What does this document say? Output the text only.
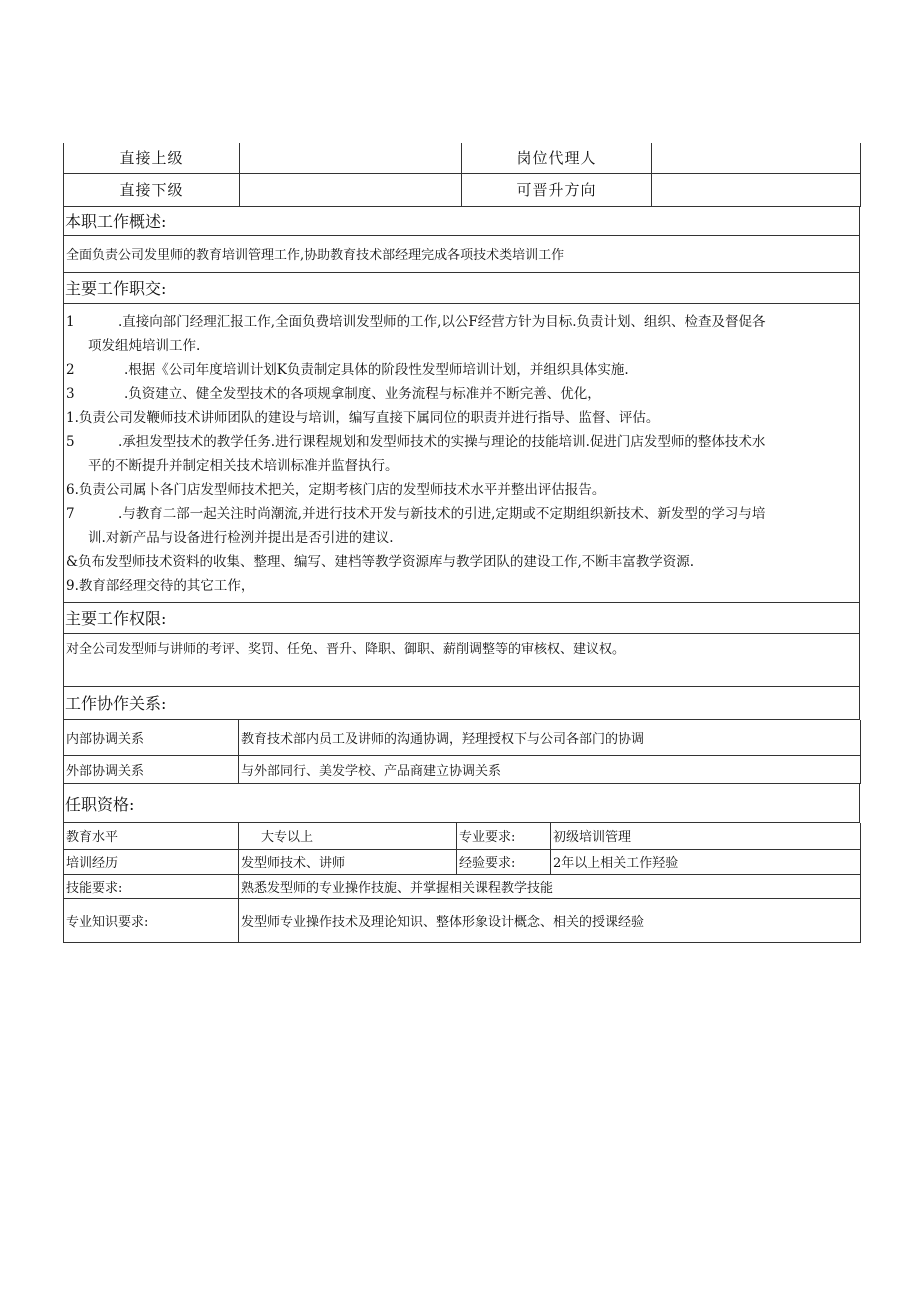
直接上级		岗位代理人	
直接下级		可晋升方向	
本职工作概述:
全面负责公司发里师的教育培训管理工作,协助教育技术部经理完成各项技术类培训工作
主要工作职交:

1	.直接向部门经理汇报工作,全面负费培训发型师的工作,以公F经营方针为目标.负责计划、组织、检查及督促各
项发组炖培训工作.
2	.根据《公司年度培训计划K负责制定具体的阶段性发型师培训计划，并组织具体实施.
3	.负资建立、健全发型技术的各项规拿制度、业务流程与标准并不断完善、优化，
1.负责公司发鞭师技术讲师团队的建设与培训，编写直接下属同位的职责并进行指导、监督、评估。
5	.承担发型技术的教学任务.进行课程规划和发型师技术的实操与理论的技能培训.促进门店发型师的整体技术水
平的不断提升并制定相关技术培训标准并监督执行。
6.负责公司属卜各门店发型师技术把关，定期考核门店的发型师技术水平并整出评估报告。
7	.与教育二部一起关注时尚潮流,并进行技术开发与新技术的引进,定期或不定期组织新技术、新发型的学习与培
训.对新产品与设备进行检洌并提出是否引进的建议.
&负布发型师技术资料的收集、整理、编写、建档等教学资源库与教学团队的建设工作,不断丰富教学资源.
9.教育部经理交待的其它工作，

主要工作权限:
对全公司发型师与讲师的考评、奖罚、任免、晋升、降职、御职、薪削调整等的审核权、建议权。
工作协作关系:
内部协调关系	教育技术部内员工及讲师的沟通协调，羟理授权下与公司各部门的协调
外部协调关系	与外部同行、美发学校、产品商建立协调关系
任职资格:
教育水平	大专以上	专业要求:	初级培训管理
培训经历	发型师技术、讲师	经验要求:	2年以上相关工作羟验
技能要求:	熟悉发型师的专业操作技旎、并掌握相关课程教学技能		
专业知识要求:	发型师专业操作技术及理论知识、整体形象设计概念、相关的授课经验		
